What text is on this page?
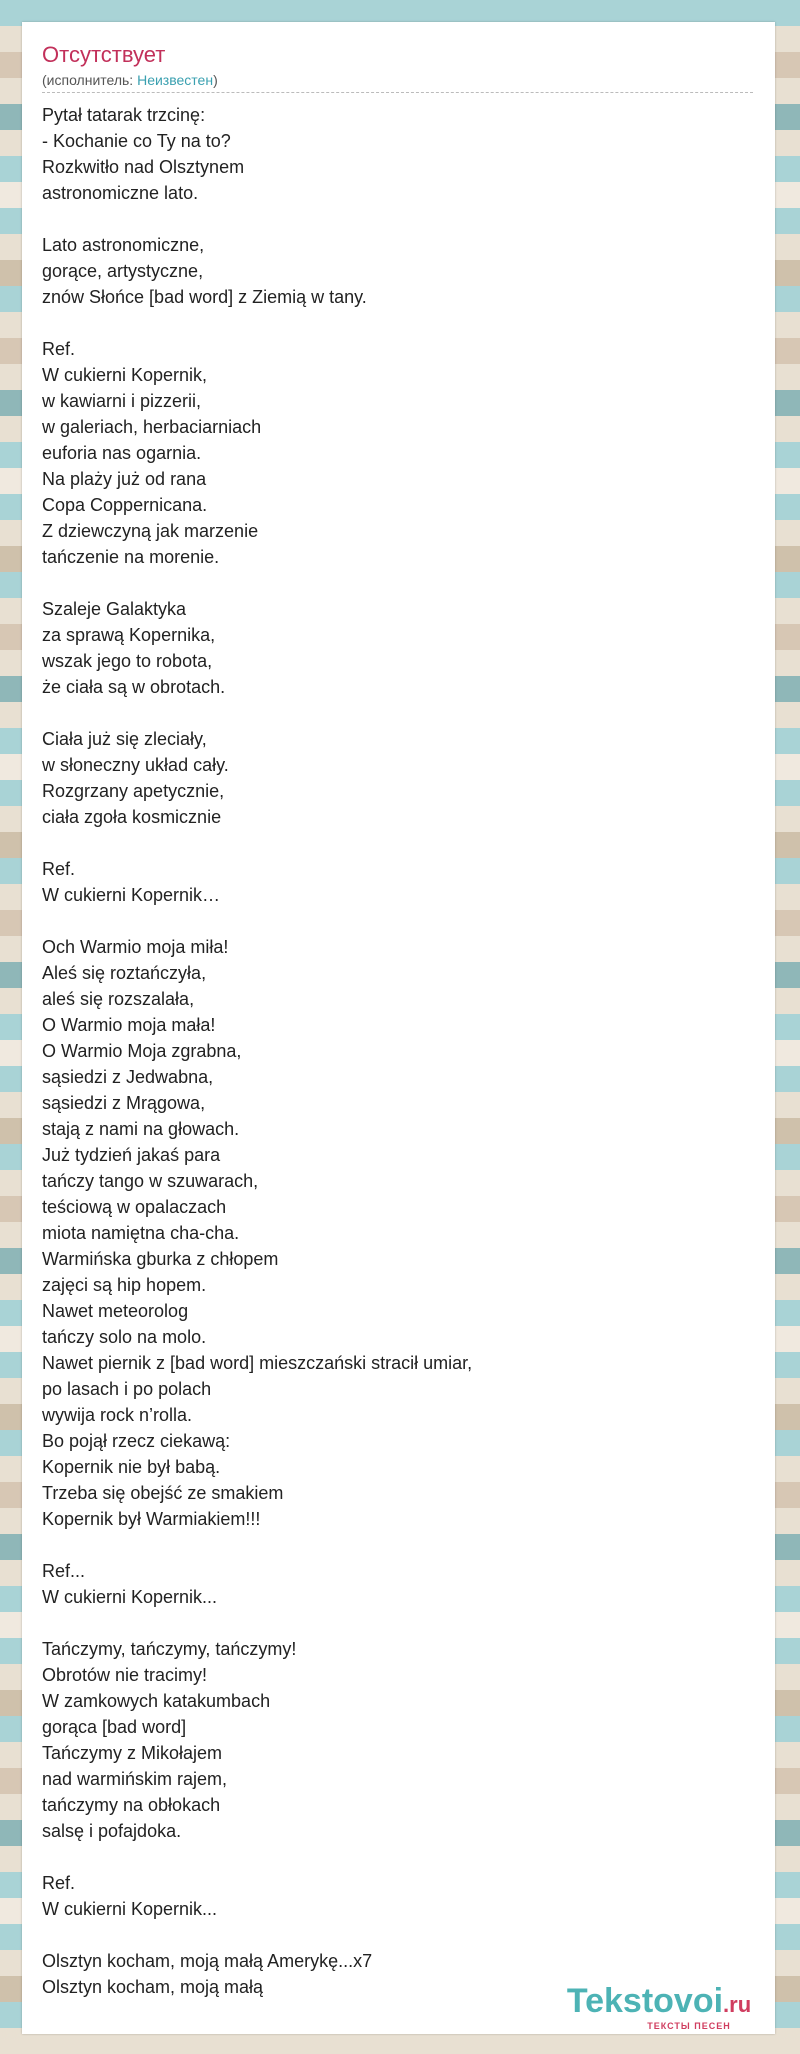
Отсутствует
(исполнитель: Неизвестен)
Pytał tatarak trzcinę:
- Kochanie co Ty na to?
Rozkwitło nad Olsztynem
astronomiczne lato.
Lato astronomiczne,
gorące, artystyczne,
znów Słońce [bad word] z Ziemią w tany.
Ref.
W cukierni Kopernik,
w kawiarni i pizzerii,
w galeriach, herbaciarniach
euforia nas ogarnia.
Na plaży już od rana
Copa Coppernicana.
Z dziewczyną jak marzenie
tańczenie na morenie.
Szaleje Galaktyka
za sprawą Kopernika,
wszak jego to robota,
że ciała są w obrotach.
Ciała już się zleciały,
w słoneczny układ cały.
Rozgrzany apetycznie,
ciała zgoła kosmicznie
Ref.
W cukierni Kopernik…
Och Warmio moja miła!
Aleś się roztańczyła,
aleś się rozszalała,
O Warmio moja mała!
O Warmio Moja zgrabna,
sąsiedzi z Jedwabna,
sąsiedzi z Mrągowa,
stają z nami na głowach.
Już tydzień jakaś para
tańczy tango w szuwarach,
teściową w opalaczach
miota namiętna cha-cha.
Warmińska gburka z chłopem
zajęci są hip hopem.
Nawet meteorolog
tańczy solo na molo.
Nawet piernik z [bad word] mieszczański stracił umiar,
po lasach i po polach
wywija rock n’rolla.
Bo pojął rzecz ciekawą:
Kopernik nie był babą.
Trzeba się obejść ze smakiem
Kopernik był Warmiakiem!!!
Ref...
W cukierni Kopernik...
Tańczymy, tańczymy, tańczymy!
Obrotów nie tracimy!
W zamkowych katakumbach
gorąca [bad word]
Tańczymy z Mikołajem
nad warmińskim rajem,
tańczymy na obłokach
salsę i pofajdoka.
Ref.
W cukierni Kopernik...
Olsztyn kocham, moją małą Amerykę...x7
Olsztyn kocham, moją małą	Tekstovoi.ru
ТЕКСТЫ ПЕСЕН
